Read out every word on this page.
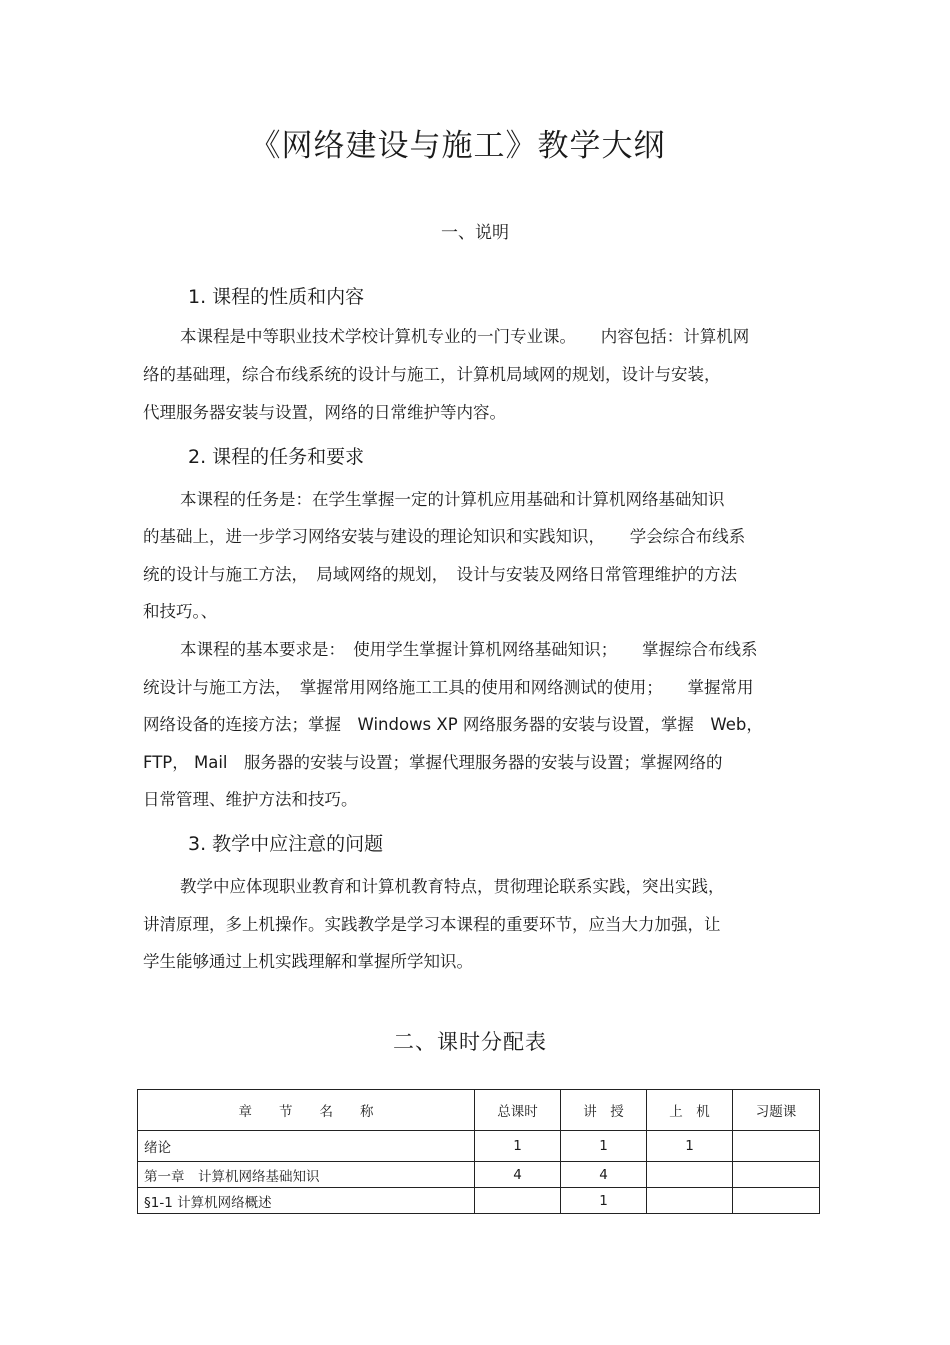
《网络建设与施工》教学大纲
一、说明
1. 课程的性质和内容
本课程是中等职业技术学校计算机专业的一门专业课。　　内容包括：计算机网
络的基础理，综合布线系统的设计与施工，计算机局域网的规划，设计与安装，
代理服务器安装与设置，网络的日常维护等内容。
2. 课程的任务和要求
本课程的任务是：在学生掌握一定的计算机应用基础和计算机网络基础知识
的基础上，进一步学习网络安装与建设的理论知识和实践知识，　　学会综合布线系
统的设计与施工方法，　局域网络的规划，　设计与安装及网络日常管理维护的方法
和技巧。、
本课程的基本要求是：　使用学生掌握计算机网络基础知识；　　掌握综合布线系
统设计与施工方法，　掌握常用网络施工工具的使用和网络测试的使用；　　掌握常用
网络设备的连接方法；掌握　Windows XP 网络服务器的安装与设置，掌握　Web，
FTP， Mail　服务器的安装与设置；掌握代理服务器的安装与设置；掌握网络的
日常管理、维护方法和技巧。
3. 教学中应注意的问题
教学中应体现职业教育和计算机教育特点，贯彻理论联系实践，突出实践，
讲清原理，多上机操作。实践教学是学习本课程的重要环节，应当大力加强，让
学生能够通过上机实践理解和掌握所学知识。
二、课时分配表
章　　节　　名　　称	总课时	讲　授	上　机	习题课
绪论	1	1	1	
第一章　计算机网络基础知识	4	4		
§1-1 计算机网络概述		1		
